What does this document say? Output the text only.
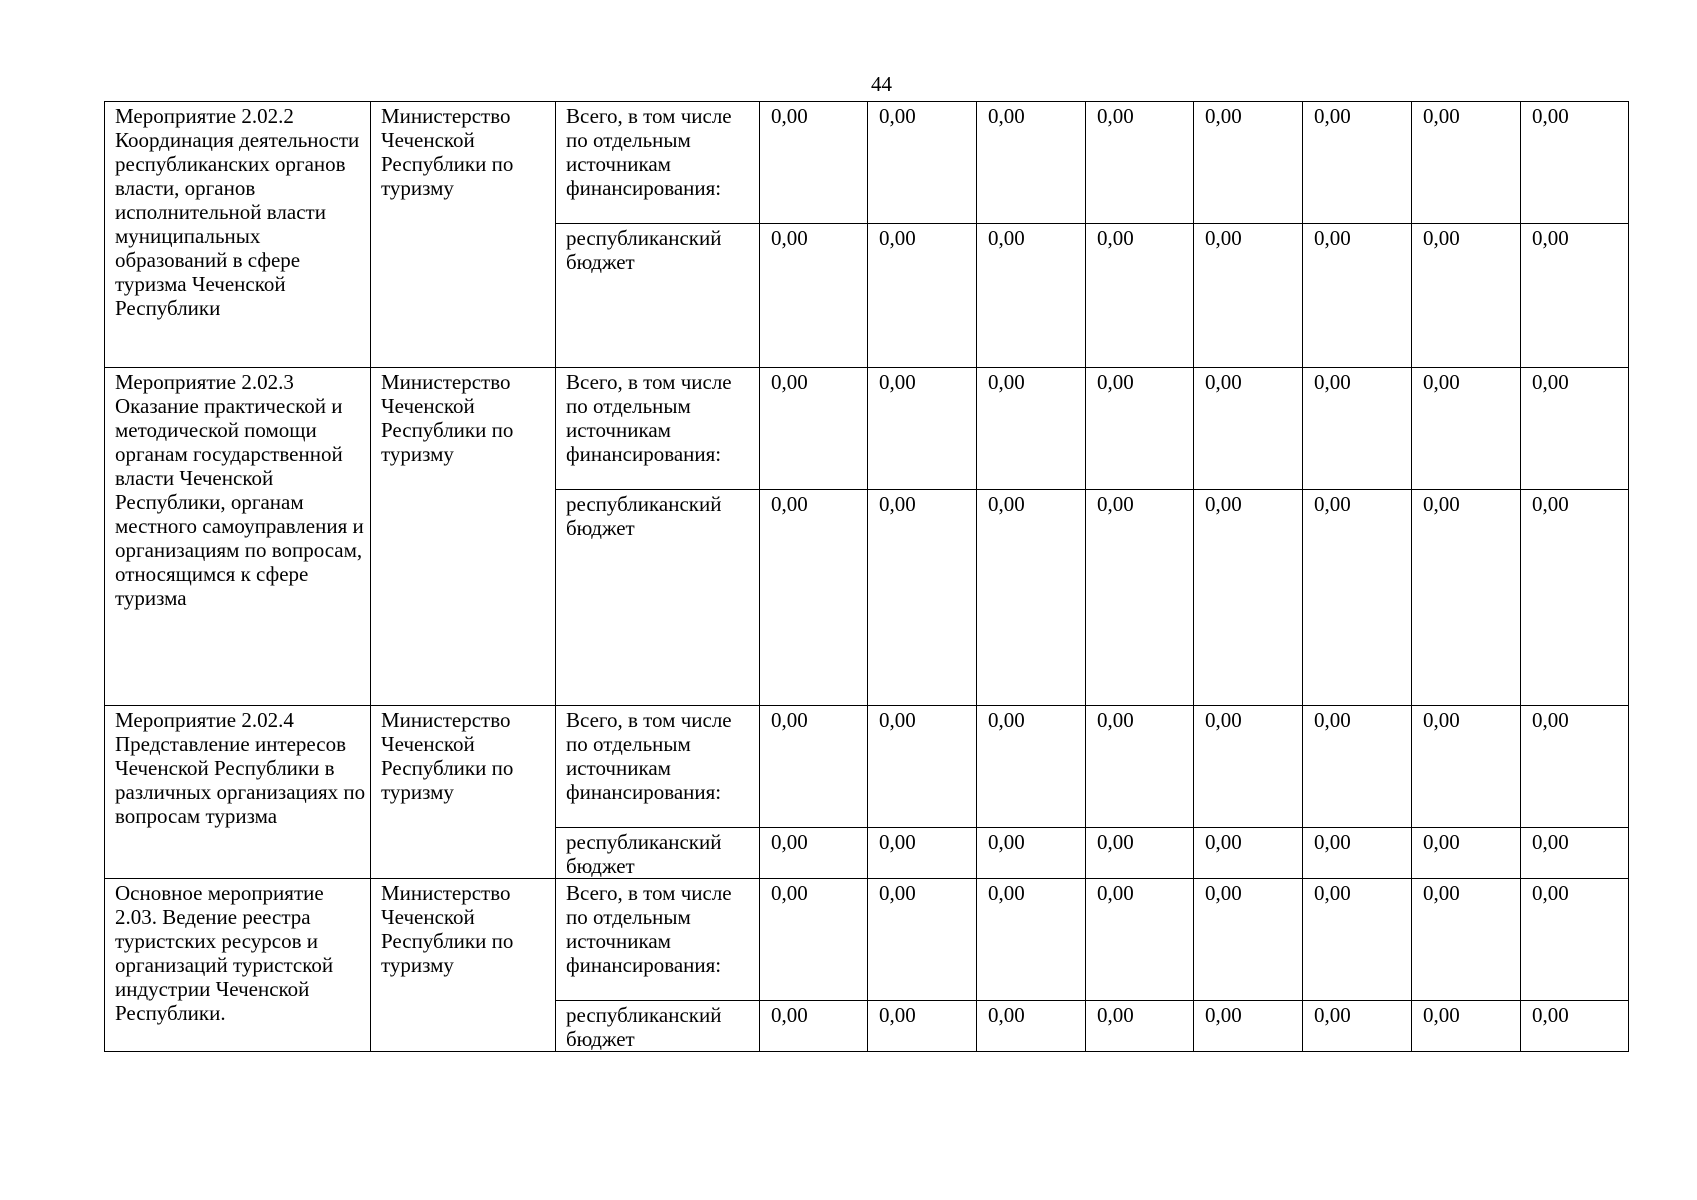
44
Мероприятие 2.02.2 Координация деятельности республиканских органов власти, органов исполнительной власти муниципальных образований в сфере туризма Чеченской Республики	Министерство Чеченской Республики по туризму	Всего, в том числе по отдельным источникам финансирования:	0,00	0,00	0,00	0,00	0,00	0,00	0,00	0,00
		республиканский бюджет	0,00	0,00	0,00	0,00	0,00	0,00	0,00	0,00
Мероприятие 2.02.3 Оказание практической и методической помощи органам государственной власти Чеченской Республики, органам местного самоуправления и организациям по вопросам, относящимся к сфере туризма	Министерство Чеченской Республики по туризму	Всего, в том числе по отдельным источникам финансирования:	0,00	0,00	0,00	0,00	0,00	0,00	0,00	0,00
		республиканский бюджет	0,00	0,00	0,00	0,00	0,00	0,00	0,00	0,00
Мероприятие 2.02.4 Представление интересов Чеченской Республики в различных организациях по вопросам туризма	Министерство Чеченской Республики по туризму	Всего, в том числе по отдельным источникам финансирования:	0,00	0,00	0,00	0,00	0,00	0,00	0,00	0,00
		республиканский бюджет	0,00	0,00	0,00	0,00	0,00	0,00	0,00	0,00
Основное мероприятие 2.03. Ведение реестра туристских ресурсов и организаций туристской индустрии Чеченской Республики.	Министерство Чеченской Республики по туризму	Всего, в том числе по отдельным источникам финансирования:	0,00	0,00	0,00	0,00	0,00	0,00	0,00	0,00
		республиканский бюджет	0,00	0,00	0,00	0,00	0,00	0,00	0,00	0,00
